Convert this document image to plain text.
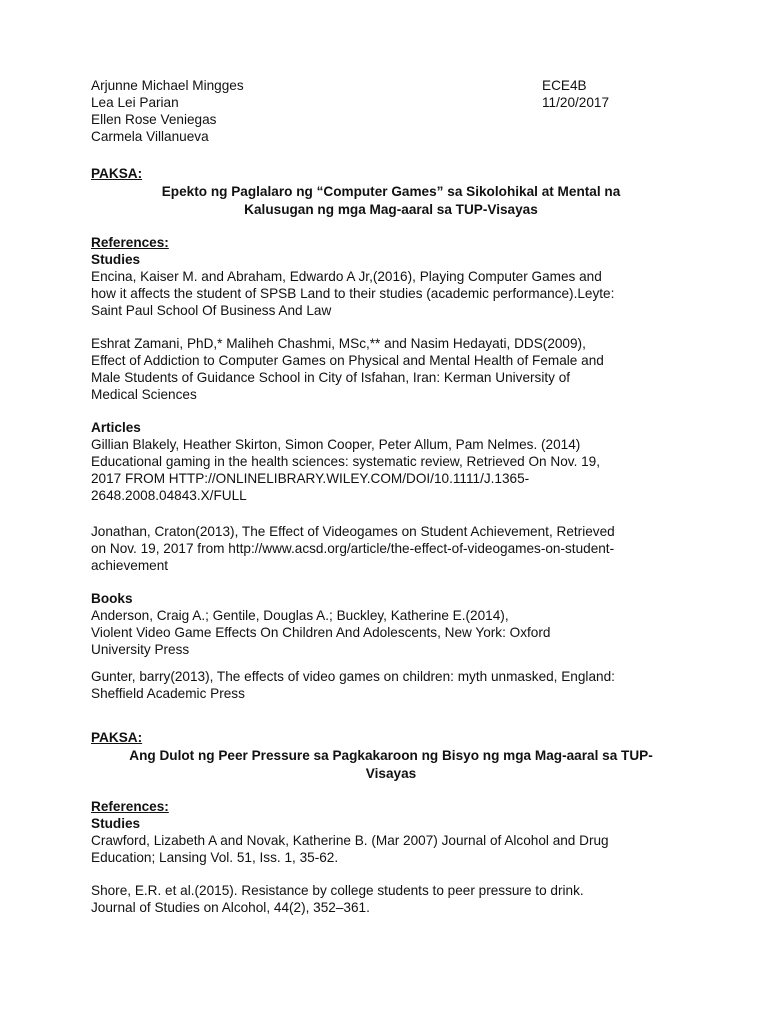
Arjunne Michael Mingges
Lea Lei Parian
Ellen Rose Veniegas
Carmela Villanueva
ECE4B
11/20/2017
PAKSA:
Epekto ng Paglalaro ng “Computer Games” sa Sikolohikal at Mental na
Kalusugan ng mga Mag-aaral sa TUP-Visayas
References:
Studies
Encina, Kaiser M. and Abraham, Edwardo A Jr,(2016), Playing Computer Games and
how it affects the student of SPSB Land to their studies (academic performance).Leyte:
Saint Paul School Of Business And Law
Eshrat Zamani, PhD,* Maliheh Chashmi, MSc,** and Nasim Hedayati, DDS(2009),
Effect of Addiction to Computer Games on Physical and Mental Health of Female and
Male Students of Guidance School in City of Isfahan, Iran: Kerman University of
Medical Sciences
Articles
Gillian Blakely, Heather Skirton, Simon Cooper, Peter Allum, Pam Nelmes. (2014)
Educational gaming in the health sciences: systematic review, Retrieved On Nov. 19,
2017 FROM HTTP://ONLINELIBRARY.WILEY.COM/DOI/10.1111/J.1365-
2648.2008.04843.X/FULL
Jonathan, Craton(2013), The Effect of Videogames on Student Achievement, Retrieved
on Nov. 19, 2017 from http://www.acsd.org/article/the-effect-of-videogames-on-student-
achievement
Books
Anderson, Craig A.; Gentile, Douglas A.; Buckley, Katherine E.(2014),
Violent Video Game Effects On Children And Adolescents, New York: Oxford
University Press
Gunter, barry(2013), The effects of video games on children: myth unmasked, England:
Sheffield Academic Press
PAKSA:
Ang Dulot ng Peer Pressure sa Pagkakaroon ng Bisyo ng mga Mag-aaral sa TUP-
Visayas
References:
Studies
Crawford, Lizabeth A and Novak, Katherine B. (Mar 2007) Journal of Alcohol and Drug
Education; Lansing Vol. 51, Iss. 1, 35-62.
Shore, E.R. et al.(2015). Resistance by college students to peer pressure to drink.
Journal of Studies on Alcohol, 44(2), 352–361.
